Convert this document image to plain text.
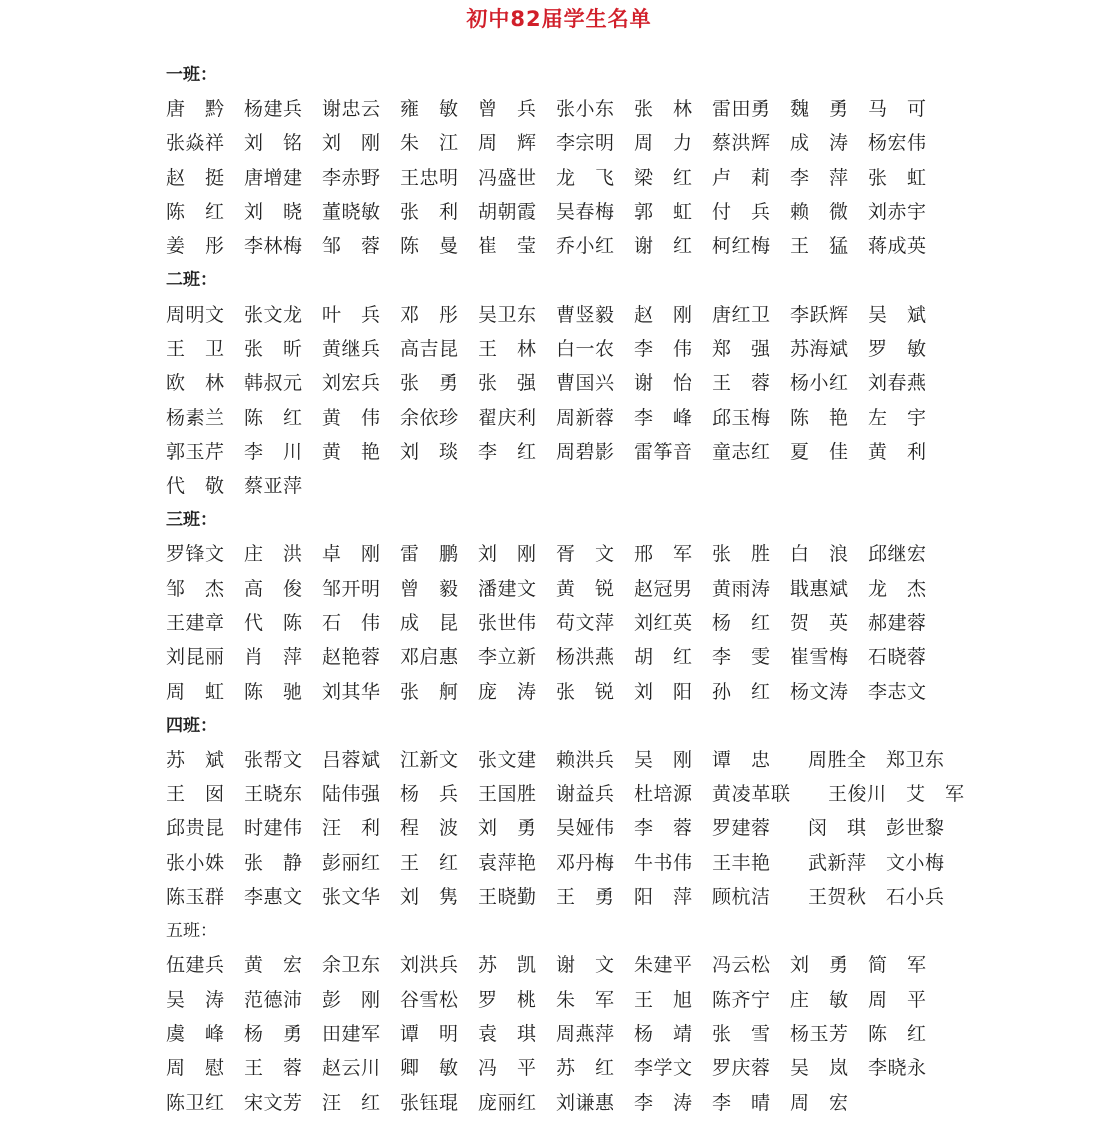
初中82届学生名单
一班：
唐 黔 杨 建 兵 谢 忠 云 雍 敏 曾 兵 张 小 东 张 林 雷 田 勇 魏 勇 马 可
张 焱 祥 刘 铭 刘 刚 朱 江 周 辉 李 宗 明 周 力 蔡 洪 辉 成 涛 杨 宏 伟
赵 挺 唐 增 建 李 赤 野 王 忠 明 冯 盛 世 龙 飞 梁 红 卢 莉 李 萍 张 虹
陈 红 刘 晓 董 晓 敏 张 利 胡 朝 霞 吴 春 梅 郭 虹 付 兵 赖 微 刘 赤 宇
姜 彤 李 林 梅 邹 蓉 陈 曼 崔 莹 乔 小 红 谢 红 柯 红 梅 王 猛 蒋 成 英
二班：
周 明 文 张 文 龙 叶 兵 邓 彤 吴 卫 东 曹 竖 毅 赵 刚 唐 红 卫 李 跃 辉 吴 斌
王 卫 张 昕 黄 继 兵 高 吉 昆 王 林 白 一 农 李 伟 郑 强 苏 海 斌 罗 敏
欧 林 韩 叔 元 刘 宏 兵 张 勇 张 强 曹 国 兴 谢 怡 王 蓉 杨 小 红 刘 春 燕
杨 素 兰 陈 红 黄 伟 余 依 珍 翟 庆 利 周 新 蓉 李 峰 邱 玉 梅 陈 艳 左 宇
郭 玉 芹 李 川 黄 艳 刘 琰 李 红 周 碧 影 雷 筝 音 童 志 红 夏 佳 黄 利
代 敬 蔡 亚 萍
三班：
罗 锋 文 庄 洪 卓 刚 雷 鹏 刘 刚 胥 文 邢 军 张 胜 白 浪 邱 继 宏
邹 杰 高 俊 邹 开 明 曾 毅 潘 建 文 黄 锐 赵 冠 男 黄 雨 涛 戢 惠 斌 龙 杰
王 建 章 代 陈 石 伟 成 昆 张 世 伟 苟 文 萍 刘 红 英 杨 红 贺 英 郝 建 蓉
刘 昆 丽 肖 萍 赵 艳 蓉 邓 启 惠 李 立 新 杨 洪 燕 胡 红 李 雯 崔 雪 梅 石 晓 蓉
周 虹 陈 驰 刘 其 华 张 舸 庞 涛 张 锐 刘 阳 孙 红 杨 文 涛 李 志 文
四班：
苏 斌 张 帮 文 吕 蓉 斌 江 新 文 张 文 建 赖 洪 兵 吴 刚 谭 忠 周 胜 全 郑 卫 东
王 囡 王 晓 东 陆 伟 强 杨 兵 王 国 胜 谢 益 兵 杜 培 源 黄 凌 革 联 王 俊 川 艾 军
邱 贵 昆 时 建 伟 汪 利 程 波 刘 勇 吴 娅 伟 李 蓉 罗 建 蓉 闵 琪 彭 世 黎
张 小 姝 张 静 彭 丽 红 王 红 袁 萍 艳 邓 丹 梅 牛 书 伟 王 丰 艳 武 新 萍 文 小 梅
陈 玉 群 李 惠 文 张 文 华 刘 隽 王 晓 勤 王 勇 阳 萍 顾 杭 洁 王 贺 秋 石 小 兵
五班：
伍 建 兵 黄 宏 余 卫 东 刘 洪 兵 苏 凯 谢 文 朱 建 平 冯 云 松 刘 勇 简 军
吴 涛 范 德 沛 彭 刚 谷 雪 松 罗 桃 朱 军 王 旭 陈 齐 宁 庄 敏 周 平
虞 峰 杨 勇 田 建 军 谭 明 袁 琪 周 燕 萍 杨 靖 张 雪 杨 玉 芳 陈 红
周 慰 王 蓉 赵 云 川 卿 敏 冯 平 苏 红 李 学 文 罗 庆 蓉 吴 岚 李 晓 永
陈 卫 红 宋 文 芳 汪 红 张 钰 琨 庞 丽 红 刘 谦 惠 李 涛 李 晴 周 宏
